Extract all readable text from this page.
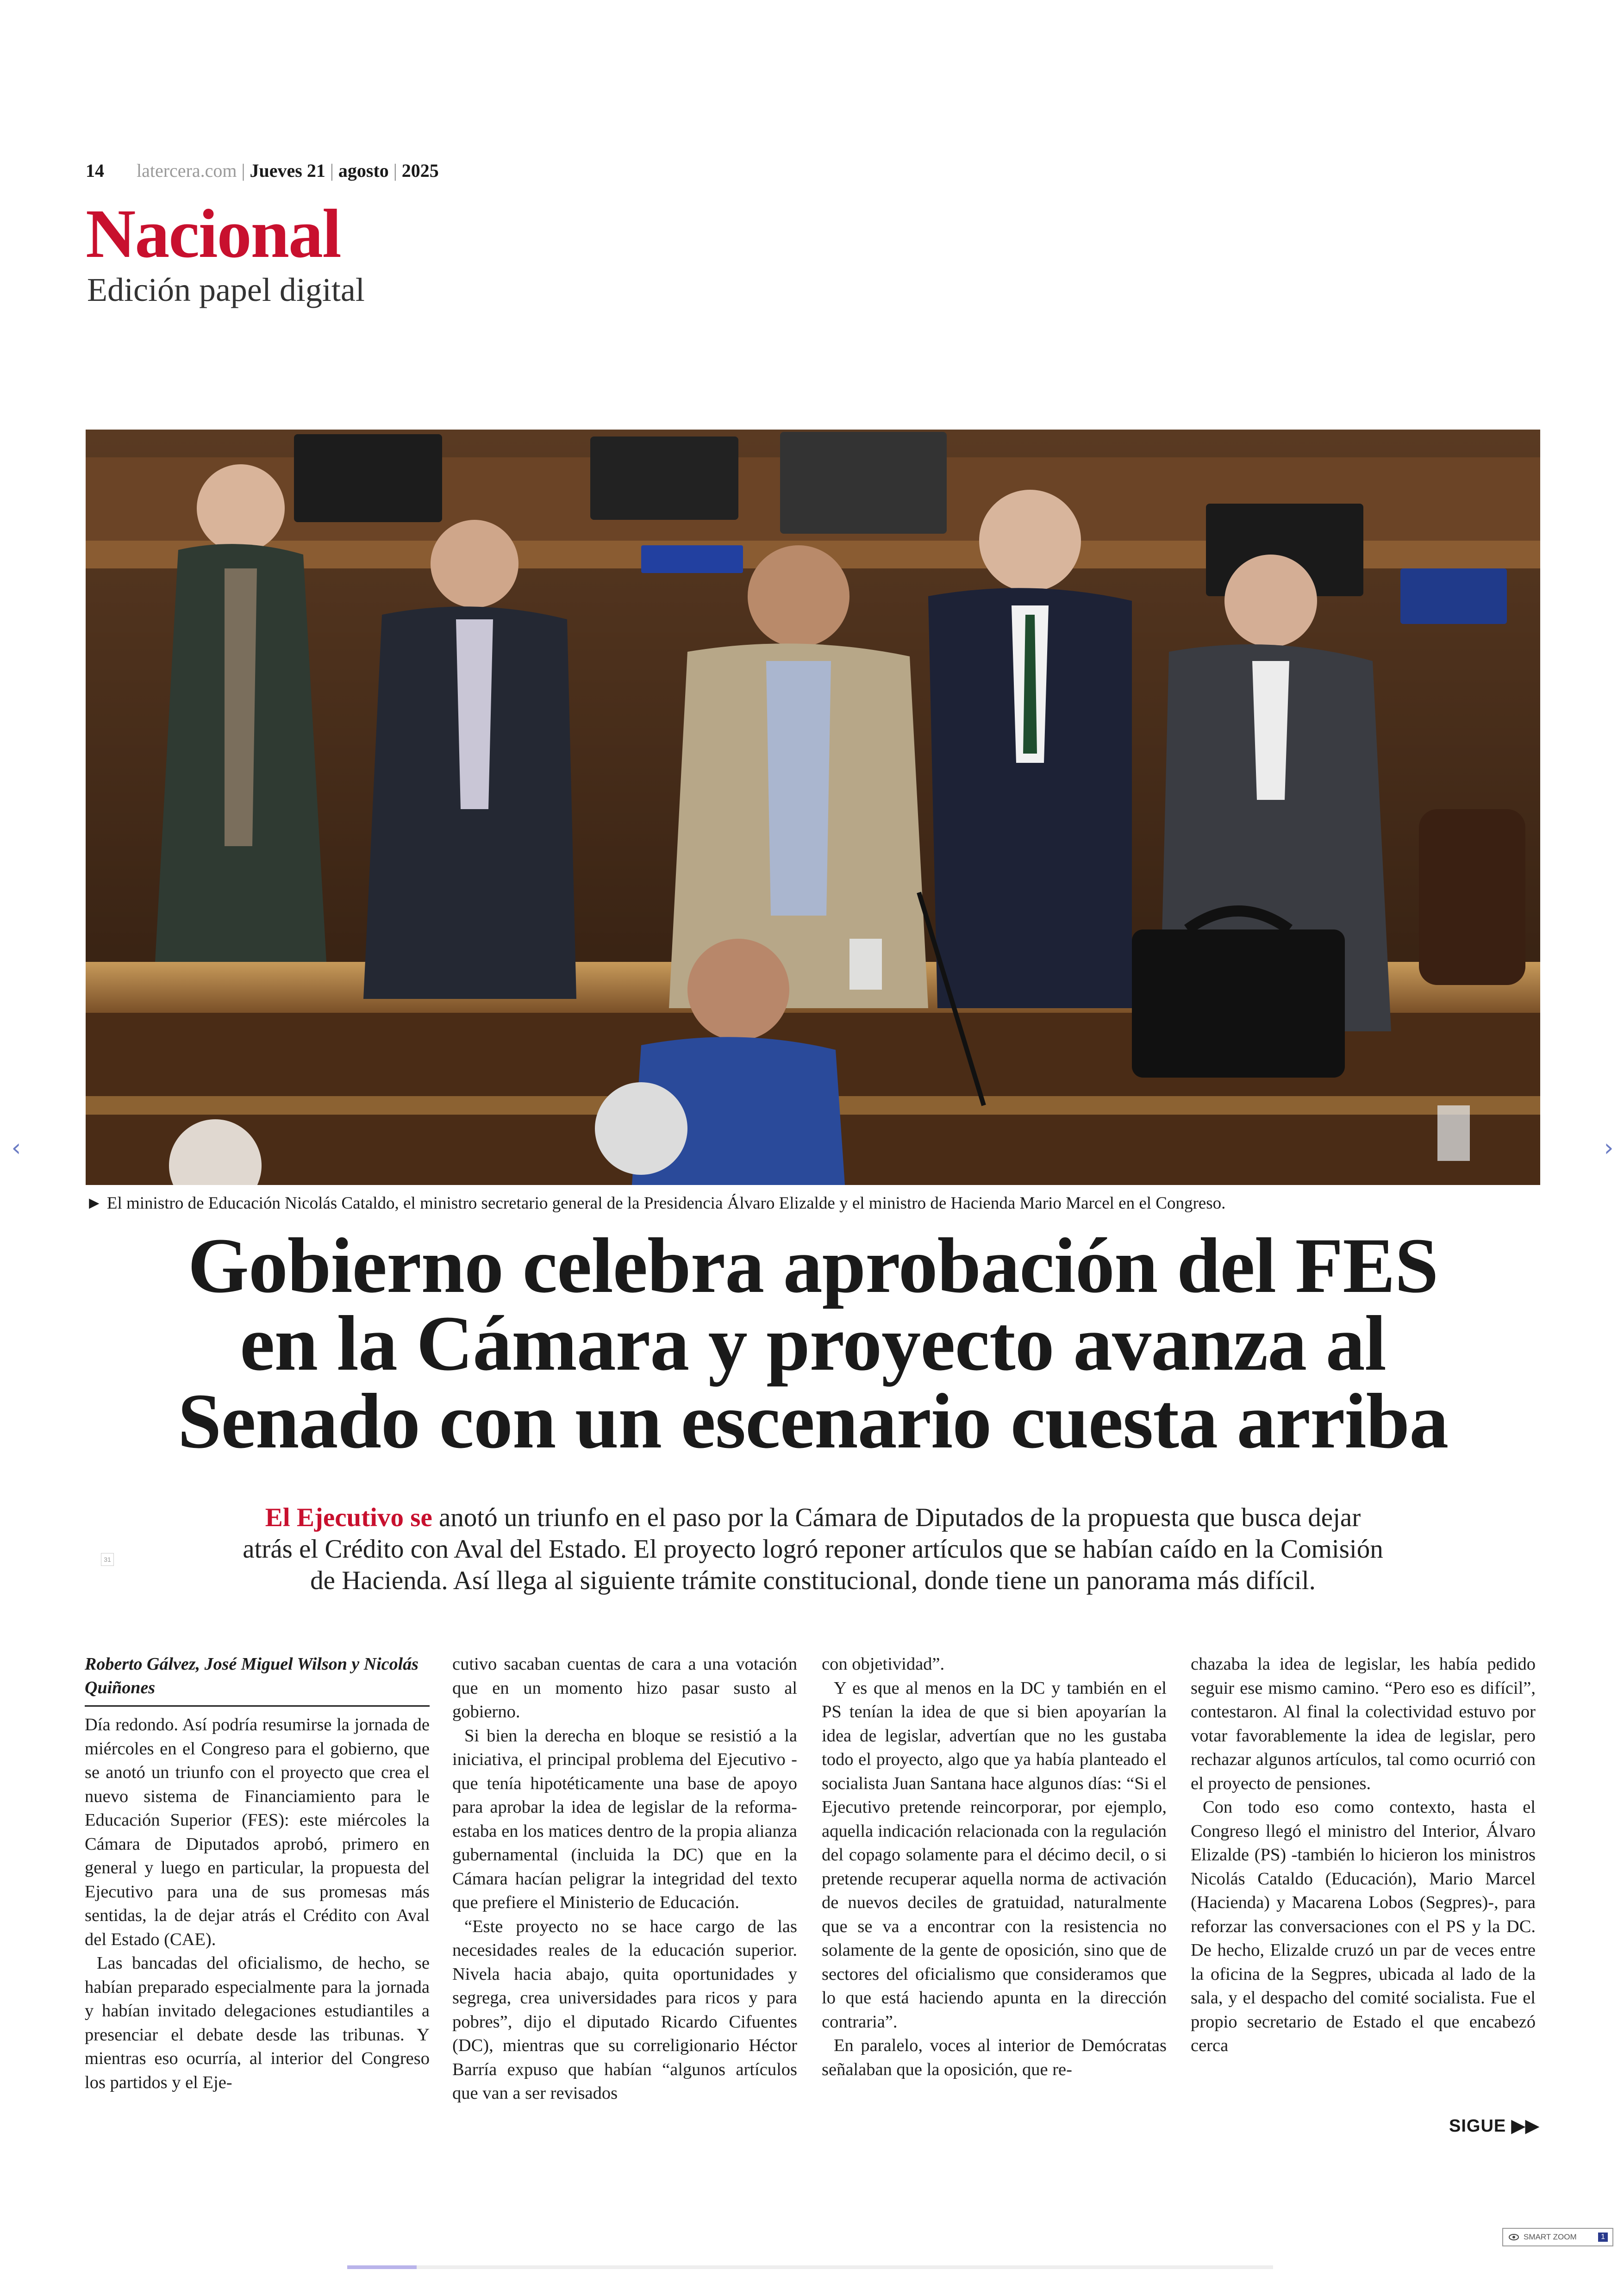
14 latercera.com | Jueves 21 | agosto | 2025
Nacional
Edición papel digital
► El ministro de Educación Nicolás Cataldo, el ministro secretario general de la Presidencia Álvaro Elizalde y el ministro de Hacienda Mario Marcel en el Congreso.
Gobierno celebra aprobación del FES
en la Cámara y proyecto avanza al
Senado con un escenario cuesta arriba
El Ejecutivo se anotó un triunfo en el paso por la Cámara de Diputados de la propuesta que busca dejar
atrás el Crédito con Aval del Estado. El proyecto logró reponer artículos que se habían caído en la Comisión
de Hacienda. Así llega al siguiente trámite constitucional, donde tiene un panorama más difícil.
31
Roberto Gálvez, José Miguel Wilson y Nicolás Quiñones

Día redondo. Así podría resumirse la jornada de miércoles en el Congreso para el gobierno, que se anotó un triunfo con el proyecto que crea el nuevo sistema de Financiamiento para le Educación Superior (FES): este miércoles la Cámara de Diputados aprobó, primero en general y luego en particular, la propuesta del Ejecutivo para una de sus promesas más sentidas, la de dejar atrás el Crédito con Aval del Estado (CAE).

Las bancadas del oficialismo, de hecho, se habían preparado especialmente para la jornada y habían invitado delegaciones estudiantiles a presenciar el debate desde las tribunas. Y mientras eso ocurría, al interior del Congreso los partidos y el Eje-

cutivo sacaban cuentas de cara a una votación que en un momento hizo pasar susto al gobierno.

Si bien la derecha en bloque se resistió a la iniciativa, el principal problema del Ejecutivo -que tenía hipotéticamente una base de apoyo para aprobar la idea de legislar de la reforma- estaba en los matices dentro de la propia alianza gubernamental (incluida la DC) que en la Cámara hacían peligrar la integridad del texto que prefiere el Ministerio de Educación.

“Este proyecto no se hace cargo de las necesidades reales de la educación superior. Nivela hacia abajo, quita oportunidades y segrega, crea universidades para ricos y para pobres”, dijo el diputado Ricardo Cifuentes (DC), mientras que su correligionario Héctor Barría expuso que habían “algunos artículos que van a ser revisados

con objetividad”.

Y es que al menos en la DC y también en el PS tenían la idea de que si bien apoyarían la idea de legislar, advertían que no les gustaba todo el proyecto, algo que ya había planteado el socialista Juan Santana hace algunos días: “Si el Ejecutivo pretende reincorporar, por ejemplo, aquella indicación relacionada con la regulación del copago solamente para el décimo decil, o si pretende recuperar aquella norma de activación de nuevos deciles de gratuidad, naturalmente que se va a encontrar con la resistencia no solamente de la gente de oposición, sino que de sectores del oficialismo que consideramos que lo que está haciendo apunta en la dirección contraria”.

En paralelo, voces al interior de Demócratas señalaban que la oposición, que re-

chazaba la idea de legislar, les había pedido seguir ese mismo camino. “Pero eso es difícil”, contestaron. Al final la colectividad estuvo por votar favorablemente la idea de legislar, pero rechazar algunos artículos, tal como ocurrió con el proyecto de pensiones.

Con todo eso como contexto, hasta el Congreso llegó el ministro del Interior, Álvaro Elizalde (PS) -también lo hicieron los ministros Nicolás Cataldo (Educación), Mario Marcel (Hacienda) y Macarena Lobos (Segpres)-, para reforzar las conversaciones con el PS y la DC. De hecho, Elizalde cruzó un par de veces entre la oficina de la Segpres, ubicada al lado de la sala, y el despacho del comité socialista. Fue el propio secretario de Estado el que encabezó cerca

SIGUE ▶▶
‹	›
SMART ZOOM	1
